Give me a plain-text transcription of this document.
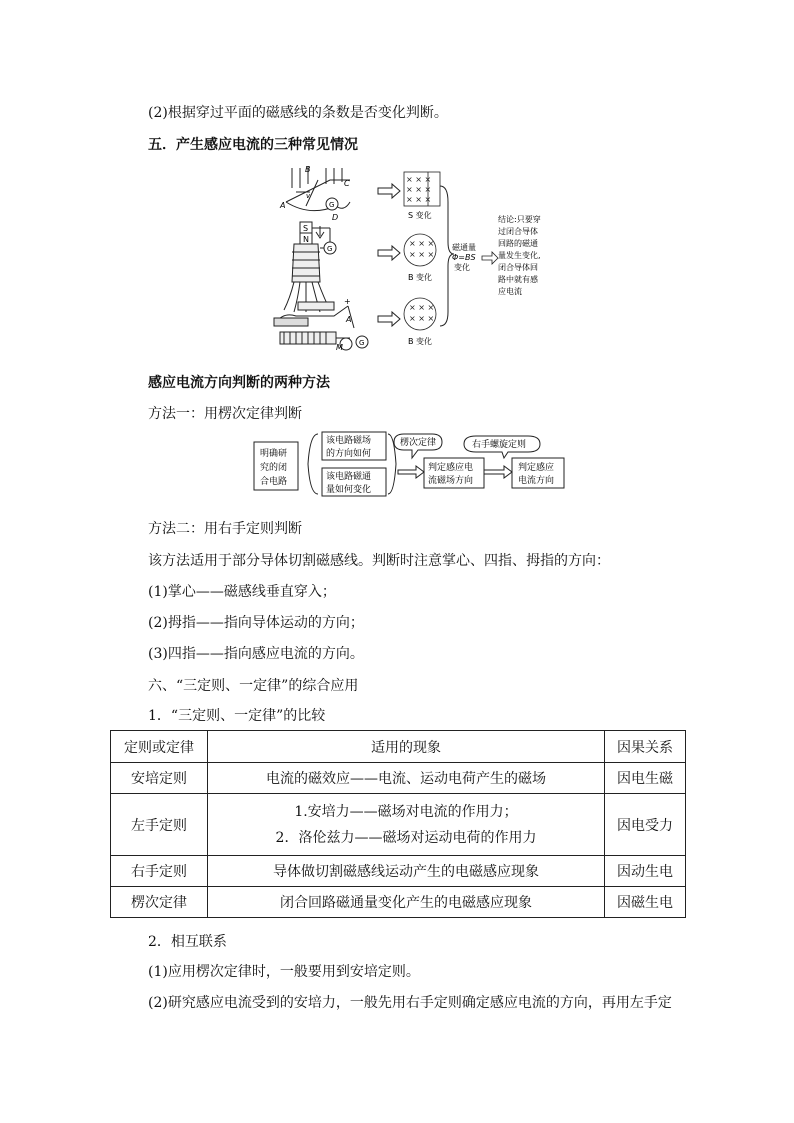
(2)根据穿过平面的磁感线的条数是否变化判断。
五．产生感应电流的三种常见情况
B
C
A
D
v
G
S
N
G
+
A
M G
× × ×
× × ×
× × ×
S 变化
× × ×
× × ×
B 变化
× × ×
× × ×
B 变化
磁通量
Φ=BS
变化
结论:只要穿
过闭合导体
回路的磁通
量发生变化,
闭合导体回
路中就有感
应电流
感应电流方向判断的两种方法
方法一：用楞次定律判断
明确研
究的闭
合电路
该电路磁场
的方向如何
该电路磁通
量如何变化
楞次定律	右手螺旋定则
判定感应电
流磁场方向
判定感应
电流方向
方法二：用右手定则判断
该方法适用于部分导体切割磁感线。判断时注意掌心、四指、拇指的方向：
(1)掌心——磁感线垂直穿入；
(2)拇指——指向导体运动的方向；
(3)四指——指向感应电流的方向。
六、“三定则、一定律”的综合应用
1．“三定则、一定律”的比较
定则或定律	适用的现象	因果关系
安培定则	电流的磁效应——电流、运动电荷产生的磁场	因电生磁
左手定则	1.安培力——磁场对电流的作用力；
2．洛伦兹力——磁场对运动电荷的作用力	因电受力
右手定则	导体做切割磁感线运动产生的电磁感应现象	因动生电
楞次定律	闭合回路磁通量变化产生的电磁感应现象	因磁生电
2．相互联系
(1)应用楞次定律时，一般要用到安培定则。
(2)研究感应电流受到的安培力，一般先用右手定则确定感应电流的方向，再用左手定
